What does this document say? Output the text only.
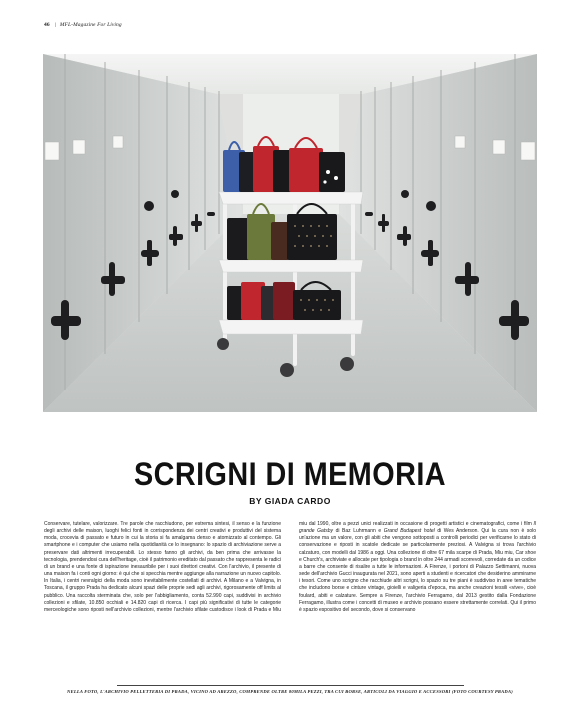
46 | MFL-Magazine For Living
SCRIGNI DI MEMORIA
BY GIADA CARDO

Conservare, tutelare, valorizzare. Tre parole che racchiudono, per estrema sintesi, il senso e la funzione degli archivi delle maison, luoghi felici fonti in corrispondenza dei centri creativi e produttivi del sistema moda, crocevia di passato e futuro in cui la storia si fa amalgama denso e atomizzato al contempo. Gli smartphone e i computer che usiamo nella quotidianità ce lo insegnano: lo spazio di archiviazione serve a preservare dati altrimenti irrecuperabili. Lo stesso fanno gli archivi, da ben prima che arrivasse la tecnologia, prendendosi cura dell'heritage, cioè il patrimonio ereditato dal passato che rappresenta le radici di un brand e una fonte di ispirazione inesauribile per i suoi direttori creativi. Con l'archivio, il presente di una maison fa i conti ogni giorno: è qui che si specchia mentre aggiunge alla narrazione un nuovo capitolo. In Italia, i centri nevralgici della moda sono inevitabilmente costellati di archivi. A Milano e a Valvigna, in Toscana, il gruppo Prada ha dedicato alcuni spazi delle proprie sedi agli archivi, rigorosamente off limits al pubblico. Una raccolta sterminata che, solo per l'abbigliamento, conta 52.990 capi, suddivisi in archivio collezioni e sfilate, 10.850 occhiali e 14.820 capi di ricerca. I capi più significativi di tutte le categorie merceologiche sono riposti nell'archivio collezioni, mentre l'archivio sfilate custodisce i look di Prada e Miu miu dal 1990, oltre a pezzi unici realizzati in occasione di progetti artistici e cinematografici, come i film Il grande Gatsby di Baz Luhrmann e Grand Budapest hotel di Wes Anderson. Qui la cura non è solo un'azione ma un valore, con gli abiti che vengono sottoposti a controlli periodici per verificarne lo stato di conservazione e riposti in scatole dedicate se particolarmente preziosi. A Valvigna si trova l'archivio calzaturo, con modelli dal 1986 a oggi. Una collezione di oltre 67 mila scarpe di Prada, Miu miu, Car shoe e Church's, archiviate e allocate per tipologia o brand in oltre 244 armadi scorrevoli, corredate da un codice a barre che consente di risalire a tutte le informazioni. A Firenze, i portoni di Palazzo Settimanni, nuova sede dell'archivio Gucci inaugurata nel 2021, sono aperti a studenti e ricercatori che desiderino ammirarne i tesori. Come uno scrigno che racchiude altri scrigni, lo spazio su tre piani è suddiviso in aree tematiche che includono borse e cinture vintage, gioielli e valigeria d'epoca, ma anche creazioni tessili «vive», cioè foulard, abiti e calzature. Sempre a Firenze, l'archivio Ferragamo, dal 2013 gestito dalla Fondazione Ferragamo, illustra come i concetti di museo e archivio possano essere strettamente correlati. Qui il primo è spazio espositivo del secondo, dove si conservano

NELLA FOTO, L'ARCHIVIO PELLETTERIA DI PRADA, VICINO AD AREZZO, COMPRENDE OLTRE 80MILA PEZZI, TRA CUI BORSE, ARTICOLI DA VIAGGIO E ACCESSORI (FOTO COURTESY PRADA)
